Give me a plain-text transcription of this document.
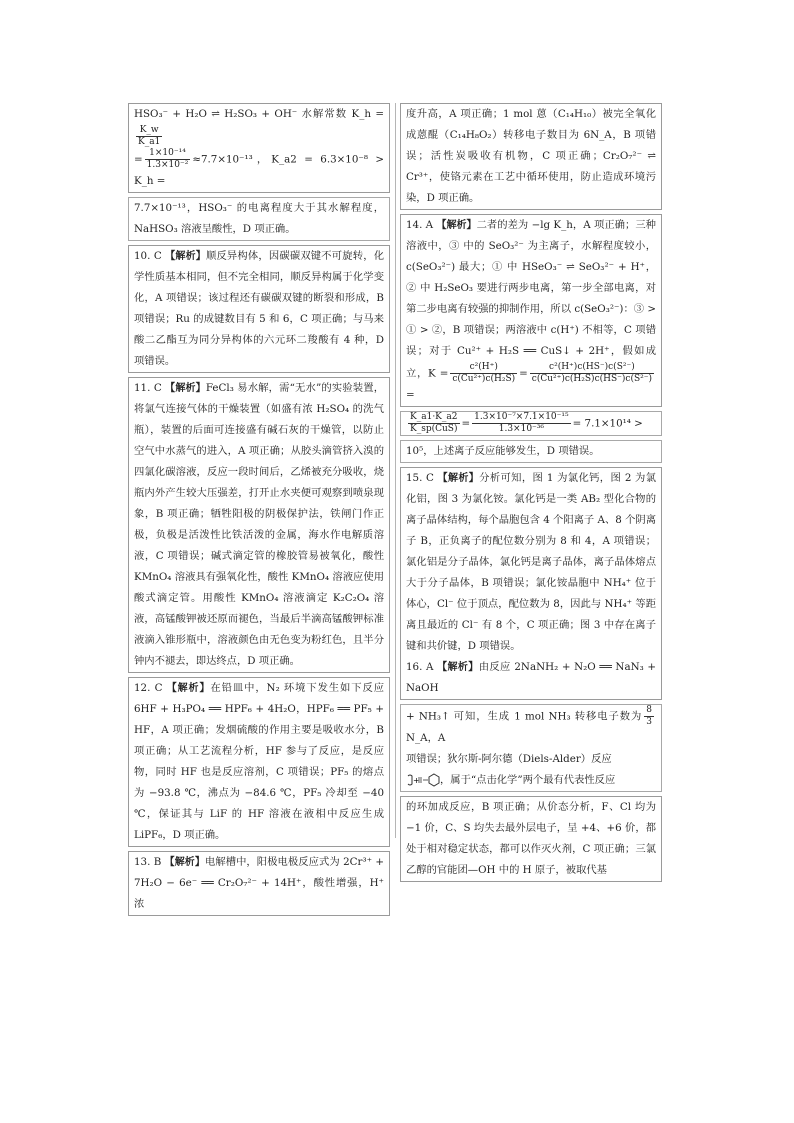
HSO₃⁻ + H₂O ⇌ H₂SO₃ + OH⁻ 水解常数 K_h =
$\frac{K\_w}{K\_a1}$

= $\frac{\text{1×10⁻¹⁴}}{\text{1.3×10⁻²}} \approx 7.7\times 10^{-13}$，K_a2 = 6.3×10⁻⁸ > K_h =

7.7×10⁻¹³，HSO₃⁻ 的电离程度大于其水解程度，NaHSO₃ 溶液呈酸性，D 项正确。

10. C 【解析】顺反异构体，因碳碳双键不可旋转，化学性质基本相同，但不完全相同，顺反异构属于化学变化，A 项错误；该过程还有碳碳双键的断裂和形成，B 项错误；Ru 的成键数目有 5 和 6，C 项正确；与马来酸二乙酯互为同分异构体的六元环二羧酸有 4 种，D 项错误。

11. C 【解析】FeCl₃ 易水解，需“无水”的实验装置，将氯气连接气体的干燥装置（如盛有浓 H₂SO₄ 的洗气瓶），装置的后面可连接盛有碱石灰的干燥管，以防止空气中水蒸气的进入，A 项正确；从胶头滴管挤入溴的四氯化碳溶液，反应一段时间后，乙烯被充分吸收，烧瓶内外产生较大压强差，打开止水夹便可观察到喷泉现象，B 项正确；牺牲阳极的阴极保护法，铁闸门作正极，负极是活泼性比铁活泼的金属，海水作电解质溶液，C 项错误；碱式滴定管的橡胶管易被氧化，酸性 KMnO₄ 溶液具有强氧化性，酸性 KMnO₄ 溶液应使用酸式滴定管。用酸性 KMnO₄ 溶液滴定 K₂C₂O₄ 溶液，高锰酸钾被还原而褪色，当最后半滴高锰酸钾标准液滴入锥形瓶中，溶液颜色由无色变为粉红色，且半分钟内不褪去，即达终点，D 项正确。

12. C 【解析】在铅皿中，N₂ 环境下发生如下反应 6HF + H₃PO₄ ══ HPF₆ + 4H₂O，HPF₆ ══ PF₅ + HF，A 项正确；发烟硫酸的作用主要是吸收水分，B 项正确；从工艺流程分析，HF 参与了反应，是反应物，同时 HF 也是反应溶剂，C 项错误；PF₅ 的熔点为 −93.8 ℃，沸点为 −84.6 ℃，PF₅ 冷却至 −40 ℃，保证其与 LiF 的 HF 溶液在液相中反应生成 LiPF₆，D 项正确。

13. B 【解析】电解槽中，阳极电极反应式为 2Cr³⁺ + 7H₂O − 6e⁻ ══ Cr₂O₇²⁻ + 14H⁺，酸性增强，H⁺ 浓

度升高，A 项正确；1 mol 蒽（C₁₄H₁₀）被完全氧化成蒽醌（C₁₄H₈O₂）转移电子数目为 6N_A，B 项错误；活性炭吸收有机物，C 项正确；Cr₂O₇²⁻ ⇌ Cr³⁺，使铬元素在工艺中循环使用，防止造成环境污染，D 项正确。

14. A 【解析】二者的差为 −lg K_h，A 项正确；三种溶液中，③ 中的 SeO₃²⁻ 为主离子，水解程度较小，c(SeO₃²⁻) 最大；① 中 HSeO₃⁻ ⇌ SeO₃²⁻ + H⁺，② 中 H₂SeO₃ 要进行两步电离，第一步全部电离，对第二步电离有较强的抑制作用，所以 c(SeO₃²⁻)：③ > ① > ②，B 项错误；两溶液中 c(H⁺) 不相等，C 项错误；对于 Cu²⁺ + H₂S ══ CuS↓ + 2H⁺，假如成立，$K = \frac{\text{c²(H⁺)}}{\text{c(Cu²⁺)c(H₂S)}} = \frac{\text{c²(H⁺)c(HS⁻)c(S²⁻)}}{\text{c(Cu²⁺)c(H₂S)c(HS⁻)c(S²⁻)}}$
=

$\frac{K\_a1\cdot K\_a2}{\text{K\_sp(CuS)}} = \frac{\text{1.3×10⁻⁷×7.1×10⁻¹⁵}}{\text{1.3×10⁻³⁶}} = 7.1\times 10^{14}$ >

10⁵，上述离子反应能够发生，D 项错误。

15. C 【解析】分析可知，图 1 为氯化钙，图 2 为氯化铝，图 3 为氯化铵。氯化钙是一类 AB₂ 型化合物的离子晶体结构，每个晶胞包含 4 个阳离子 A、8 个阴离子 B，正负离子的配位数分别为 8 和 4，A 项错误；氯化铝是分子晶体，氯化钙是离子晶体，离子晶体熔点大于分子晶体，B 项错误；氯化铵晶胞中 NH₄⁺ 位于体心，Cl⁻ 位于顶点，配位数为 8，因此与 NH₄⁺ 等距离且最近的 Cl⁻ 有 8 个，C 项正确；图 3 中存在离子键和共价键，D 项错误。

16. A 【解析】由反应 2NaNH₂ + N₂O ══ NaN₃ + NaOH

+ NH₃↑ 可知，生成 1 mol NH₃ 转移电子数为 $\frac{8}{3}$
N_A，A

项错误；狄尔斯-阿尔德（Diels-Alder）反应

+ ，属于“点击化学”两个最有代表性反应

的环加成反应，B 项正确；从价态分析，F、Cl 均为 −1 价，C、S 均失去最外层电子，呈 +4、+6 价，都处于相对稳定状态，都可以作灭火剂，C 项正确；三氯乙醇的官能团—OH 中的 H 原子，被取代基
